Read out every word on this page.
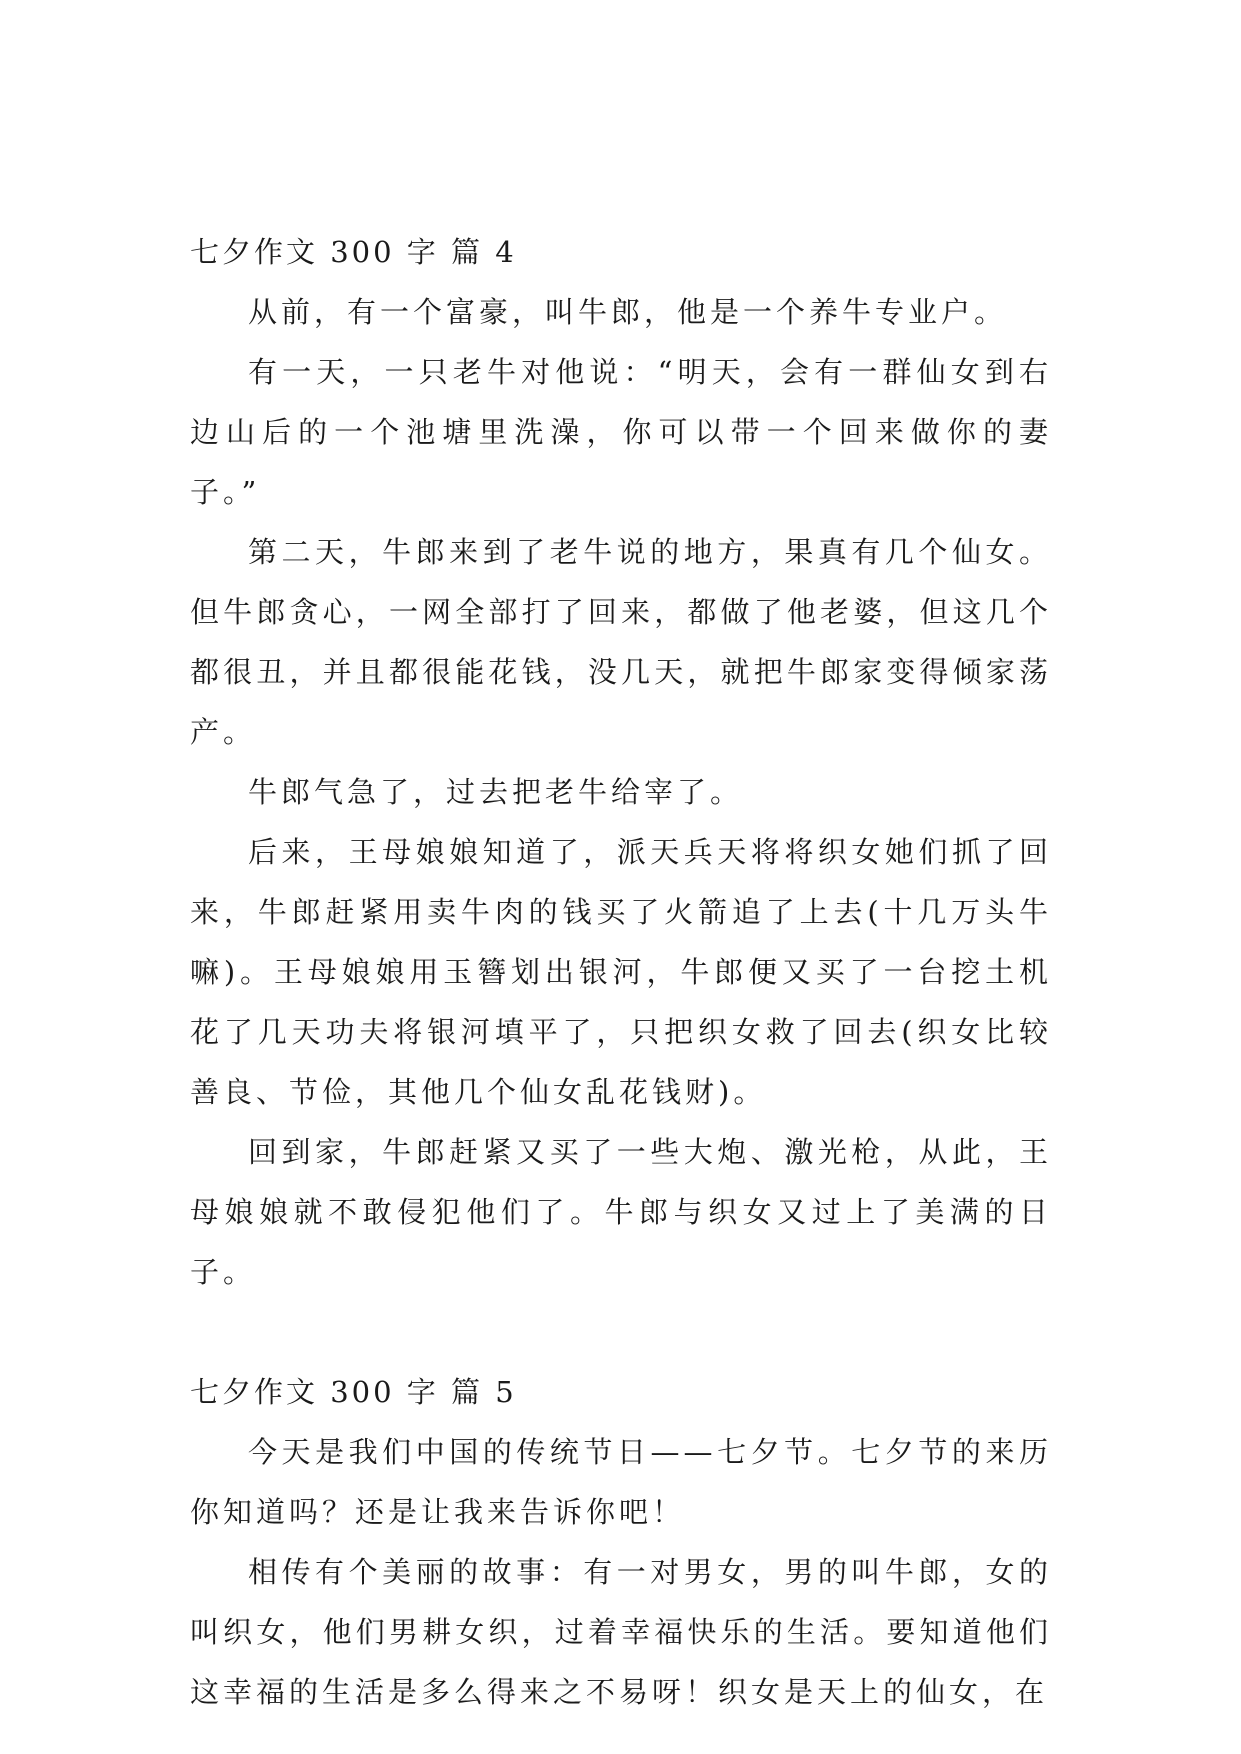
七夕作文 300 字 篇 4

从前，有一个富豪，叫牛郎，他是一个养牛专业户。

有一天，一只老牛对他说：“明天，会有一群仙女到右边山后的一个池塘里洗澡，你可以带一个回来做你的妻子。”

第二天，牛郎来到了老牛说的地方，果真有几个仙女。但牛郎贪心，一网全部打了回来，都做了他老婆，但这几个都很丑，并且都很能花钱，没几天，就把牛郎家变得倾家荡产。

牛郎气急了，过去把老牛给宰了。

后来，王母娘娘知道了，派天兵天将将织女她们抓了回来，牛郎赶紧用卖牛肉的钱买了火箭追了上去(十几万头牛嘛)。王母娘娘用玉簪划出银河，牛郎便又买了一台挖土机花了几天功夫将银河填平了，只把织女救了回去(织女比较善良、节俭，其他几个仙女乱花钱财)。

回到家，牛郎赶紧又买了一些大炮、激光枪，从此，王母娘娘就不敢侵犯他们了。牛郎与织女又过上了美满的日子。

七夕作文 300 字 篇 5

今天是我们中国的传统节日——七夕节。七夕节的来历你知道吗？还是让我来告诉你吧！

相传有个美丽的故事：有一对男女，男的叫牛郎，女的叫织女，他们男耕女织，过着幸福快乐的生活。要知道他们这幸福的生活是多么得来之不易呀！织女是天上的仙女，在
